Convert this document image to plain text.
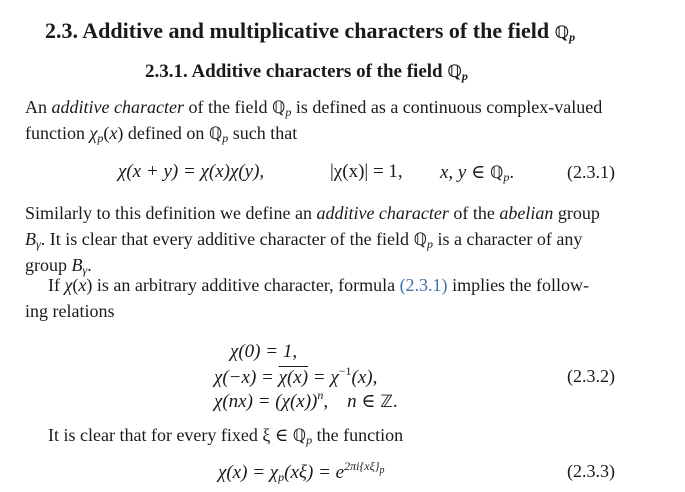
2.3. Additive and multiplicative characters of the field ℚ$_p$
2.3.1. Additive characters of the field ℚ$_p$
An additive character of the field ℚ$_p$ is defined as a continuous complex-valued
function $\chi_p(x)$ defined on ℚ$_p$ such that
χ(x + y) = χ(x)χ(y),	|χ(x)| = 1, x, y ∈ ℚ$_p$.	(2.3.1)
Similarly to this definition we define an additive character of the abelian group
$B_\gamma$. It is clear that every additive character of the field ℚ$_p$ is a character of any
group $B_\gamma$.
If χ(x) is an arbitrary additive character, formula (2.3.1) implies the follow-
ing relations
χ(0) = 1,
$\chi(-x) = \chi(x) = \chi^{-1}(x)$,
$\chi(nx) = (\chi(x))^n$,    n ∈ ℤ.
(2.3.2)
It is clear that for every fixed ξ ∈ ℚ$_p$ the function
$\chi(x) = \chi_p(x\xi) = e^{2\pi i\{x\xi\}}_p$	(2.3.3)
